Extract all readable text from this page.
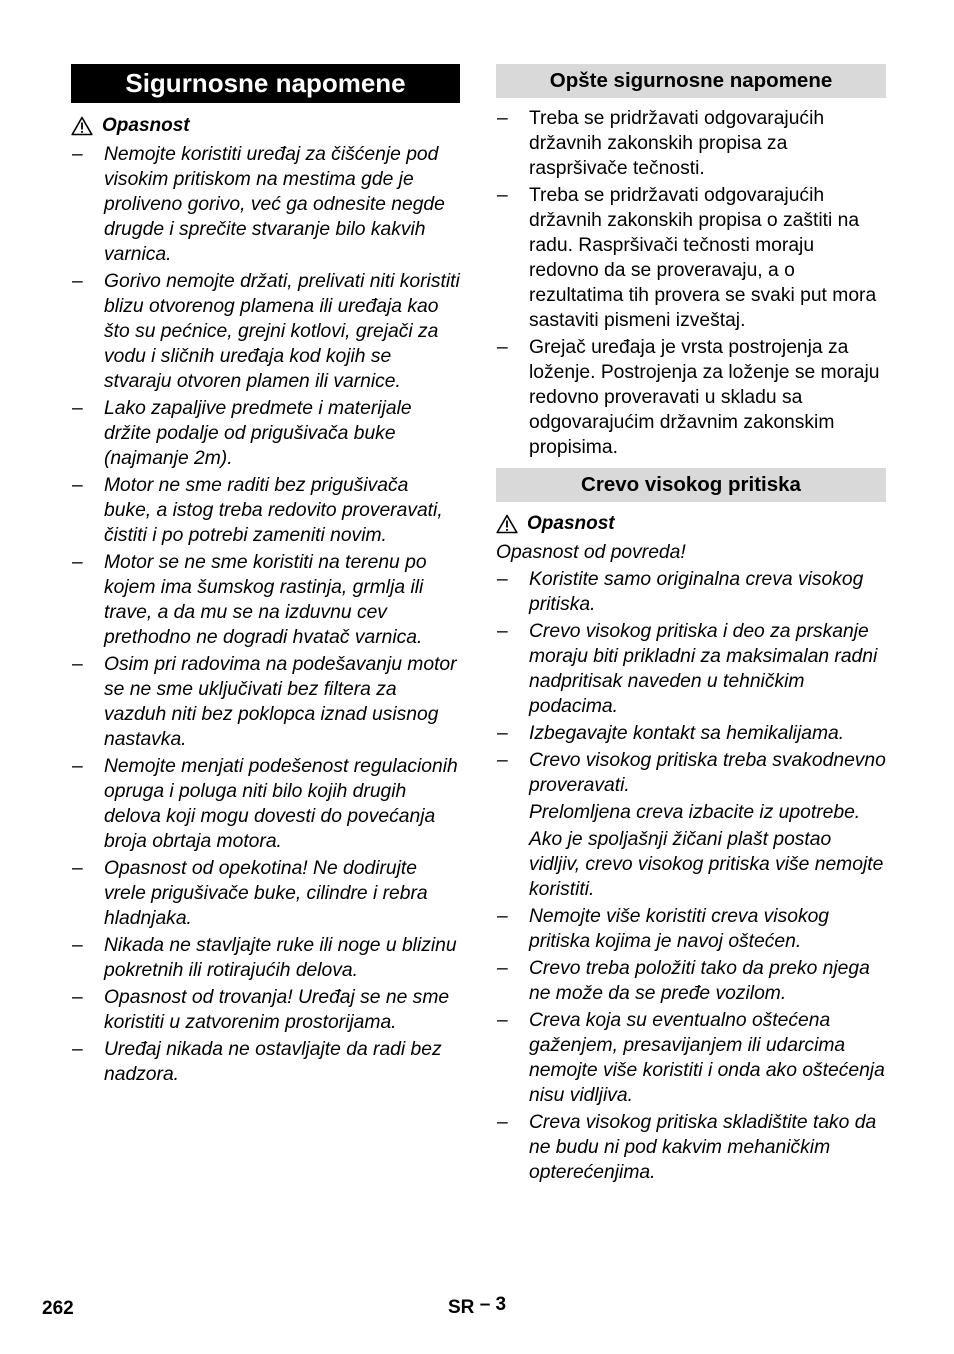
Sigurnosne napomene
Opasnost
– Nemojte koristiti uređaj za čišćenje pod visokim pritiskom na mestima gde je proliveno gorivo, već ga odnesite negde drugde i sprečite stvaranje bilo kakvih varnica.
– Gorivo nemojte držati, prelivati niti koristiti blizu otvorenog plamena ili uređaja kao što su pećnice, grejni kotlovi, grejači za vodu i sličnih uređaja kod kojih se stvaraju otvoren plamen ili varnice.
– Lako zapaljive predmete i materijale držite podalje od prigušivača buke (najmanje 2m).
– Motor ne sme raditi bez prigušivača buke, a istog treba redovito proveravati, čistiti i po potrebi zameniti novim.
– Motor se ne sme koristiti na terenu po kojem ima šumskog rastinja, grmlja ili trave, a da mu se na izduvnu cev prethodno ne dogradi hvatač varnica.
– Osim pri radovima na podešavanju motor se ne sme uključivati bez filtera za vazduh niti bez poklopca iznad usisnog nastavka.
– Nemojte menjati podešenost regulacionih opruga i poluga niti bilo kojih drugih delova koji mogu dovesti do povećanja broja obrtaja motora.
– Opasnost od opekotina! Ne dodirujte vrele prigušivače buke, cilindre i rebra hladnjaka.
– Nikada ne stavljajte ruke ili noge u blizinu pokretnih ili rotirajućih delova.
– Opasnost od trovanja! Uređaj se ne sme koristiti u zatvorenim prostorijama.
– Uređaj nikada ne ostavljajte da radi bez nadzora.
Opšte sigurnosne napomene
– Treba se pridržavati odgovarajućih državnih zakonskih propisa za raspršivače tečnosti.
– Treba se pridržavati odgovarajućih državnih zakonskih propisa o zaštiti na radu. Raspršivači tečnosti moraju redovno da se proveravaju, a o rezultatima tih provera se svaki put mora sastaviti pismeni izveštaj.
– Grejač uređaja je vrsta postrojenja za loženje. Postrojenja za loženje se moraju redovno proveravati u skladu sa odgovarajućim državnim zakonskim propisima.
Crevo visokog pritiska
Opasnost

Opasnost od povreda!

– Koristite samo originalna creva visokog pritiska.
– Crevo visokog pritiska i deo za prskanje moraju biti prikladni za maksimalan radni nadpritisak naveden u tehničkim podacima.
– Izbegavajte kontakt sa hemikalijama.
– Crevo visokog pritiska treba svakodnevno proveravati.
Prelomljena creva izbacite iz upotrebe.
Ako je spoljašnji žičani plašt postao vidljiv, crevo visokog pritiska više nemojte koristiti.
– Nemojte više koristiti creva visokog pritiska kojima je navoj oštećen.
– Crevo treba položiti tako da preko njega ne može da se pređe vozilom.
– Creva koja su eventualno oštećena gaženjem, presavijanjem ili udarcima nemojte više koristiti i onda ako oštećenja nisu vidljiva.
– Creva visokog pritiska skladištite tako da ne budu ni pod kakvim mehaničkim opterećenjima.
262	SR – 3
